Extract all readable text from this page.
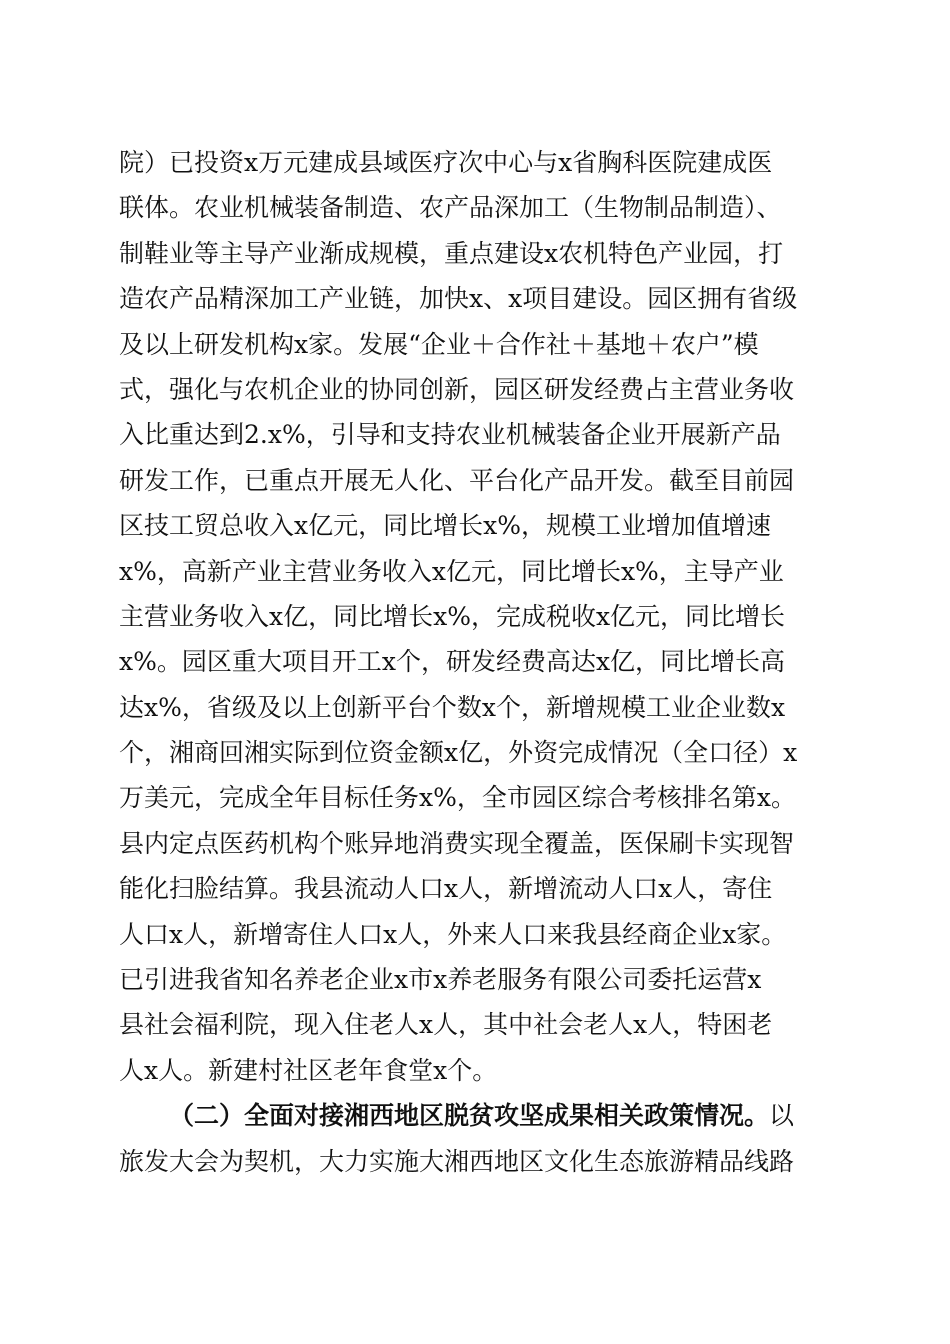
院）已投资x万元建成县域医疗次中心与x省胸科医院建成医
联体。农业机械装备制造、农产品深加工（生物制品制造）、
制鞋业等主导产业渐成规模，重点建设x农机特色产业园，打
造农产品精深加工产业链，加快x、x项目建设。园区拥有省级
及以上研发机构x家。发展“企业＋合作社＋基地＋农户”模
式，强化与农机企业的协同创新，园区研发经费占主营业务收
入比重达到2.x%，引导和支持农业机械装备企业开展新产品
研发工作，已重点开展无人化、平台化产品开发。截至目前园
区技工贸总收入x亿元，同比增长x%，规模工业增加值增速
x%，高新产业主营业务收入x亿元，同比增长x%，主导产业
主营业务收入x亿，同比增长x%，完成税收x亿元，同比增长
x%。园区重大项目开工x个，研发经费高达x亿，同比增长高
达x%，省级及以上创新平台个数x个，新增规模工业企业数x
个，湘商回湘实际到位资金额x亿，外资完成情况（全口径）x
万美元，完成全年目标任务x%，全市园区综合考核排名第x。
县内定点医药机构个账异地消费实现全覆盖，医保刷卡实现智
能化扫脸结算。我县流动人口x人，新增流动人口x人，寄住
人口x人，新增寄住人口x人，外来人口来我县经商企业x家。
已引进我省知名养老企业x市x养老服务有限公司委托运营x
县社会福利院，现入住老人x人，其中社会老人x人，特困老
人x人。新建村社区老年食堂x个。
（二）全面对接湘西地区脱贫攻坚成果相关政策情况。以
旅发大会为契机，大力实施大湘西地区文化生态旅游精品线路
